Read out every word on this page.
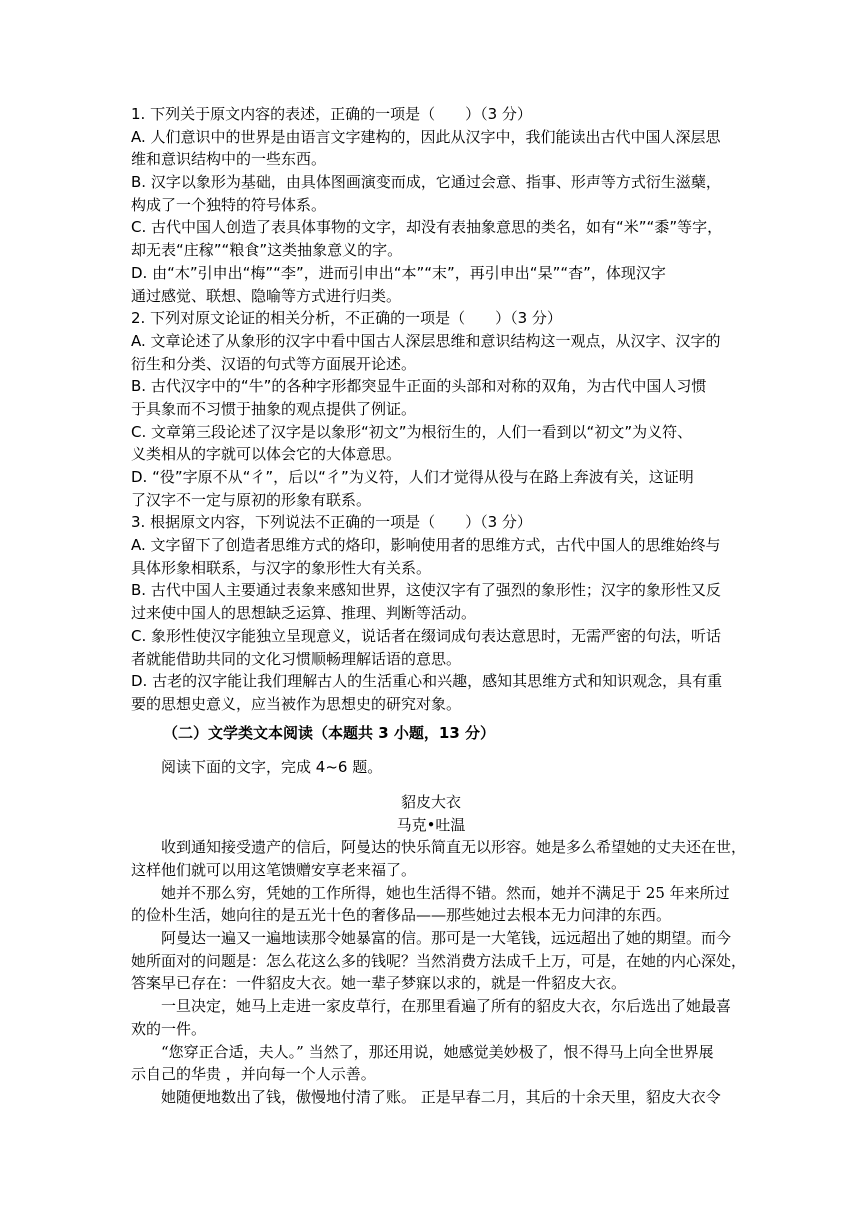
1. 下列关于原文内容的表述，正确的一项是（　　）（3 分）
A. 人们意识中的世界是由语言文字建构的，因此从汉字中，我们能读出古代中国人深层思
维和意识结构中的一些东西。
B. 汉字以象形为基础，由具体图画演变而成，它通过会意、指事、形声等方式衍生滋蘖，
构成了一个独特的符号体系。
C. 古代中国人创造了表具体事物的文字，却没有表抽象意思的类名，如有“米”“黍”等字，
却无表“庄稼”“粮食”这类抽象意义的字。
D. 由“木”引申出“梅”“李”，进而引申出“本”“末”，再引申出“杲”“杳”，体现汉字
通过感觉、联想、隐喻等方式进行归类。
2. 下列对原文论证的相关分析，不正确的一项是（　　）（3 分）
A. 文章论述了从象形的汉字中看中国古人深层思维和意识结构这一观点，从汉字、汉字的
衍生和分类、汉语的句式等方面展开论述。
B. 古代汉字中的“牛”的各种字形都突显牛正面的头部和对称的双角，为古代中国人习惯
于具象而不习惯于抽象的观点提供了例证。
C. 文章第三段论述了汉字是以象形“初文”为根衍生的，人们一看到以“初文”为义符、
义类相从的字就可以体会它的大体意思。
D. “役”字原不从“彳”，后以“彳”为义符，人们才觉得从役与在路上奔波有关，这证明
了汉字不一定与原初的形象有联系。
3. 根据原文内容，下列说法不正确的一项是（　　）（3 分）
A. 文字留下了创造者思维方式的烙印，影响使用者的思维方式，古代中国人的思维始终与
具体形象相联系，与汉字的象形性大有关系。
B. 古代中国人主要通过表象来感知世界，这使汉字有了强烈的象形性；汉字的象形性又反
过来使中国人的思想缺乏运算、推理、判断等活动。
C. 象形性使汉字能独立呈现意义，说话者在缀词成句表达意思时，无需严密的句法，听话
者就能借助共同的文化习惯顺畅理解话语的意思。
D. 古老的汉字能让我们理解古人的生活重心和兴趣，感知其思维方式和知识观念，具有重
要的思想史意义，应当被作为思想史的研究对象。
（二）文学类文本阅读（本题共 3 小题，13 分）
阅读下面的文字，完成 4~6 题。
貂皮大衣
马克•吐温
　　收到通知接受遗产的信后，阿曼达的快乐简直无以形容。她是多么希望她的丈夫还在世，
这样他们就可以用这笔馈赠安享老来福了。
　　她并不那么穷，凭她的工作所得，她也生活得不错。然而，她并不满足于 25 年来所过
的俭朴生活，她向往的是五光十色的奢侈品——那些她过去根本无力问津的东西。
　　阿曼达一遍又一遍地读那令她暴富的信。那可是一大笔钱，远远超出了她的期望。而今
她所面对的问题是：怎么花这么多的钱呢？当然消费方法成千上万，可是，在她的内心深处，
答案早已存在：一件貂皮大衣。她一辈子梦寐以求的，就是一件貂皮大衣。
　　一旦决定，她马上走进一家皮草行，在那里看遍了所有的貂皮大衣，尔后选出了她最喜
欢的一件。
　　“您穿正合适，夫人。” 当然了，那还用说，她感觉美妙极了，恨不得马上向全世界展
示自己的华贵 ，并向每一个人示善。
　　她随便地数出了钱，傲慢地付清了账。 正是早春二月，其后的十余天里，貂皮大衣令
